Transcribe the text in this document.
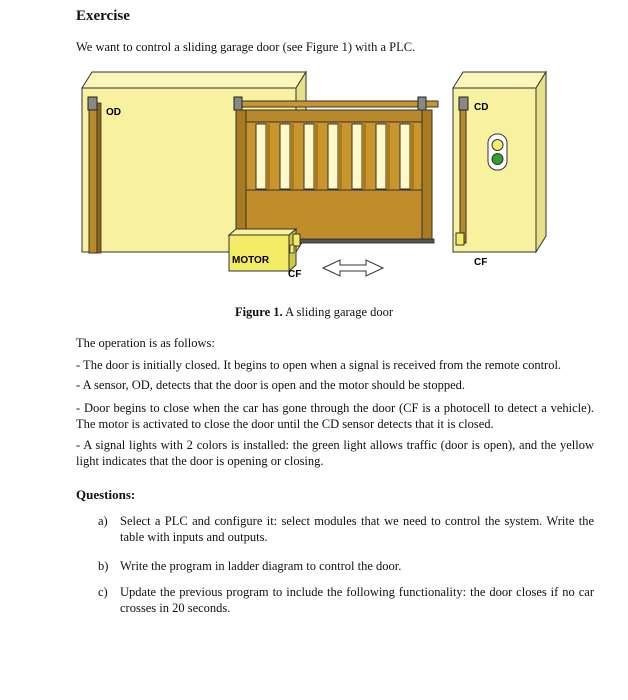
Exercise
We want to control a sliding garage door (see Figure 1) with a PLC.
OD
MOTOR
CF
CD
CF
Figure 1. A sliding garage door
The operation is as follows:
- The door is initially closed. It begins to open when a signal is received from the remote control.
- A sensor, OD, detects that the door is open and the motor should be stopped.
- Door begins to close when the car has gone through the door (CF is a photocell to detect a vehicle). The motor is activated to close the door until the CD sensor detects that it is closed.
- A signal lights with 2 colors is installed: the green light allows traffic (door is open), and the yellow light indicates that the door is opening or closing.
Questions:
a) Select a PLC and configure it: select modules that we need to control the system. Write the table with inputs and outputs.
b) Write the program in ladder diagram to control the door.
c) Update the previous program to include the following functionality: the door closes if no car crosses in 20 seconds.
